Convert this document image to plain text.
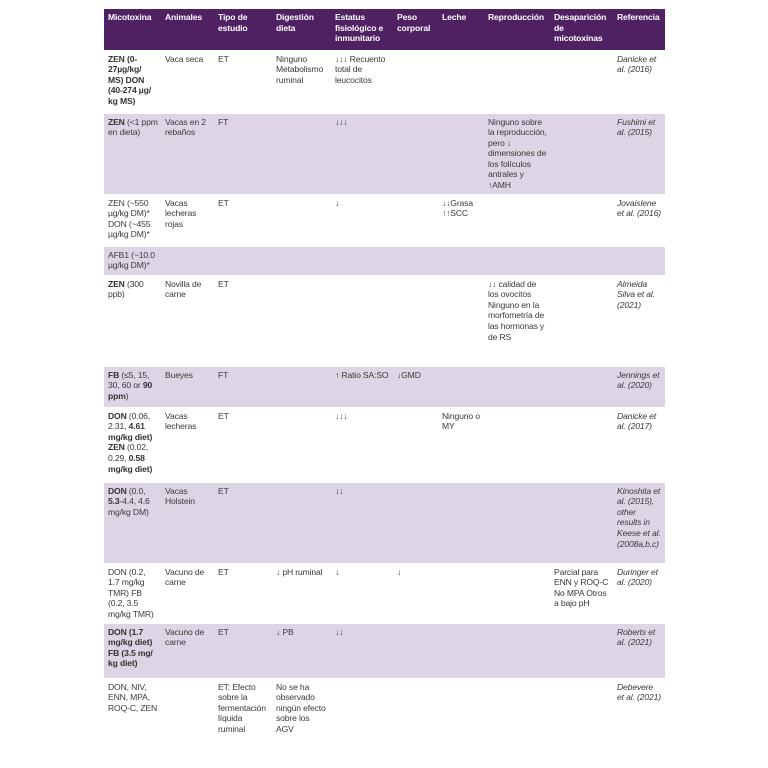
Micotoxina	Animales	Tipo de estudio	Digestión dieta	Estatus fisiológico e inmunitario	Peso corporal	Leche	Reproducción	Desaparición de micotoxinas	Referencia
ZEN (0-27µg/kg/ MS) DON (40-274 µg/ kg MS)	Vaca seca	ET	Ninguno Metabolismo ruminal	↓↓↓ Recuento total de leucocitos					Danicke et al. (2016)
ZEN (<1 ppm en dieta)	Vacas en 2 rebaños	FT		↓↓↓			Ninguno sobre la reproducción, pero ↓ dimensiones de los folículos antrales y ↑AMH		Fushimi et al. (2015)
ZEN (~550 µg/kg DM)* DON (~455 µg/kg DM)*	Vacas lecheras rojas	ET		↓		↓↓Grasa ↑↑SCC			Jovaislene et al. (2016)
AFB1 (~10.0 µg/kg DM)*									
ZEN (300 ppb)	Novilla de carne	ET					↓↓ calidad de los ovocitos Ninguno en la morfometría de las hormonas y de RS		Almeida Silva et al. (2021)
FB (≤5, 15, 30, 60 or 90 ppm)	Bueyes	FT		↑ Ratio SA:SO	↓GMD				Jennings et al. (2020)
DON (0.06, 2.31, 4.61 mg/kg diet) ZEN (0.02, 0.29, 0.58 mg/kg diet)	Vacas lecheras	ET		↓↓↓		Ninguno o MY			Danicke et al. (2017)
DON (0.0, 5.3-4.4, 4.6 mg/kg DM)	Vacas Holstein	ET		↓↓					Kinoshita et al. (2015), other results in Keese et al. (2008a,b,c)
DON (0.2, 1.7 mg/kg TMR) FB (0.2, 3.5 mg/kg TMR)	Vacuno de carne	ET	↓ pH ruminal	↓	↓			Parcial para ENN y ROQ-C No MPA Otros a bajo pH	Duringer et al. (2020)
DON (1.7 mg/kg diet) FB (3.5 mg/ kg diet)	Vacuno de carne	ET	↓ PB	↓↓					Roberts et al. (2021)
DON, NIV, ENN, MPA, ROQ-C, ZEN		ET: Efecto sobre la fermentación líquida ruminal	No se ha observado ningún efecto sobre los AGV						Debevere et al. (2021)
